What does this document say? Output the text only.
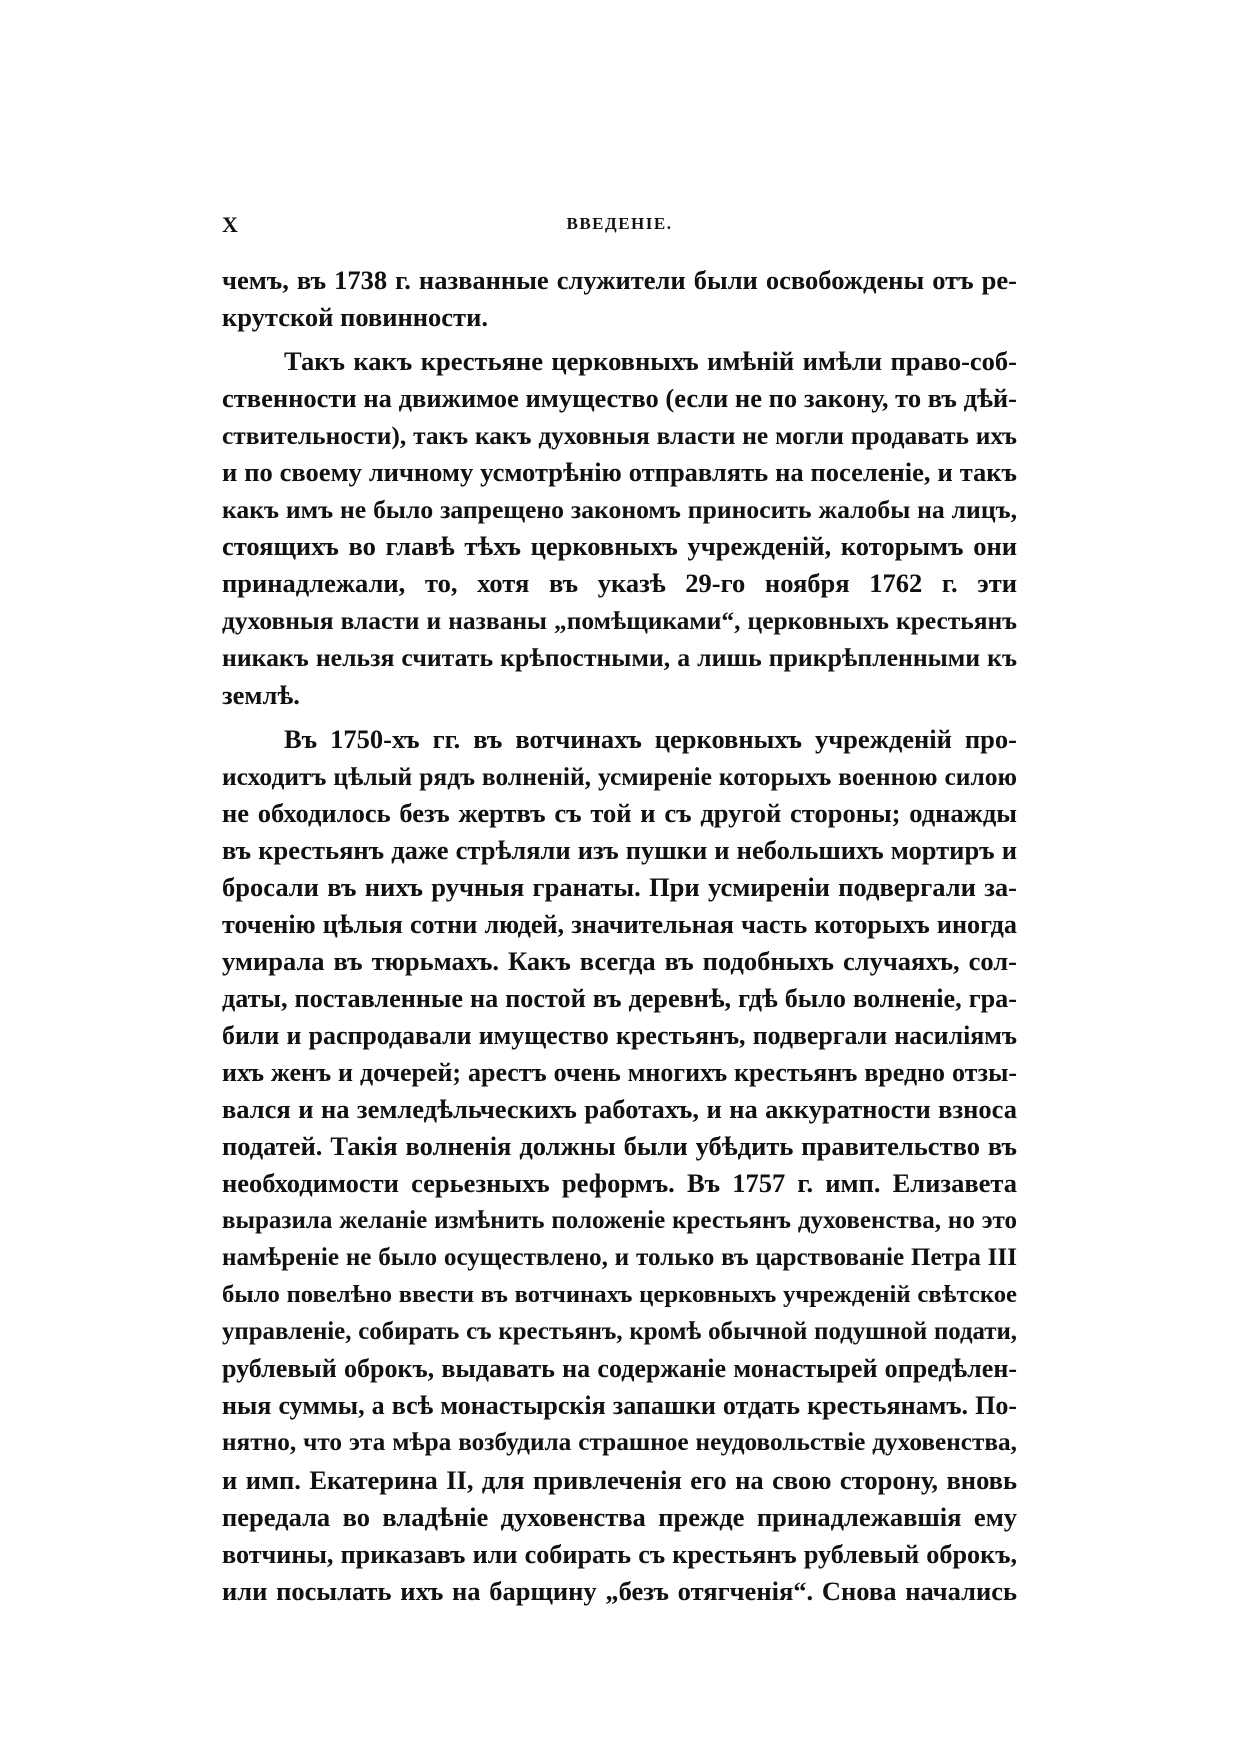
X	ВВЕДЕНІЕ.
чемъ, въ 1738 г. названные служители были освобождены отъ ре-
крутской повинности.
Такъ какъ крестьяне церковныхъ имѣній имѣли право-соб-
ственности на движимое имущество (если не по закону, то въ дѣй-
ствительности), такъ какъ духовныя власти не могли продавать ихъ
и по своему личному усмотрѣнію отправлять на поселеніе, и такъ
какъ имъ не было запрещено закономъ приносить жалобы на лицъ,
стоящихъ во главѣ тѣхъ церковныхъ учрежденій, которымъ они
принадлежали, то, хотя въ указѣ 29-го ноября 1762 г. эти
духовныя власти и названы „помѣщиками“, церковныхъ крестьянъ
никакъ нельзя считать крѣпостными, а лишь прикрѣпленными къ
землѣ.
Въ 1750-хъ гг. въ вотчинахъ церковныхъ учрежденій про-
исходитъ цѣлый рядъ волненій, усмиреніе которыхъ военною силою
не обходилось безъ жертвъ съ той и съ другой стороны; однажды
въ крестьянъ даже стрѣляли изъ пушки и небольшихъ мортиръ и
бросали въ нихъ ручныя гранаты. При усмиреніи подвергали за-
точенію цѣлыя сотни людей, значительная часть которыхъ иногда
умирала въ тюрьмахъ. Какъ всегда въ подобныхъ случаяхъ, сол-
даты, поставленные на постой въ деревнѣ, гдѣ было волненіе, гра-
били и распродавали имущество крестьянъ, подвергали насиліямъ
ихъ женъ и дочерей; арестъ очень многихъ крестьянъ вредно отзы-
вался и на земледѣльческихъ работахъ, и на аккуратности взноса
податей. Такія волненія должны были убѣдить правительство въ
необходимости серьезныхъ реформъ. Въ 1757 г. имп. Елизавета
выразила желаніе измѣнить положеніе крестьянъ духовенства, но это
намѣреніе не было осуществлено, и только въ царствованіе Петра III
было повелѣно ввести въ вотчинахъ церковныхъ учрежденій свѣтское
управленіе, собирать съ крестьянъ, кромѣ обычной подушной подати,
рублевый оброкъ, выдавать на содержаніе монастырей опредѣлен-
ныя суммы, а всѣ монастырскія запашки отдать крестьянамъ. По-
нятно, что эта мѣра возбудила страшное неудовольствіе духовенства,
и имп. Екатерина II, для привлеченія его на свою сторону, вновь
передала во владѣніе духовенства прежде принадлежавшія ему
вотчины, приказавъ или собирать съ крестьянъ рублевый оброкъ,
или посылать ихъ на барщину „безъ отягченія“. Снова начались
